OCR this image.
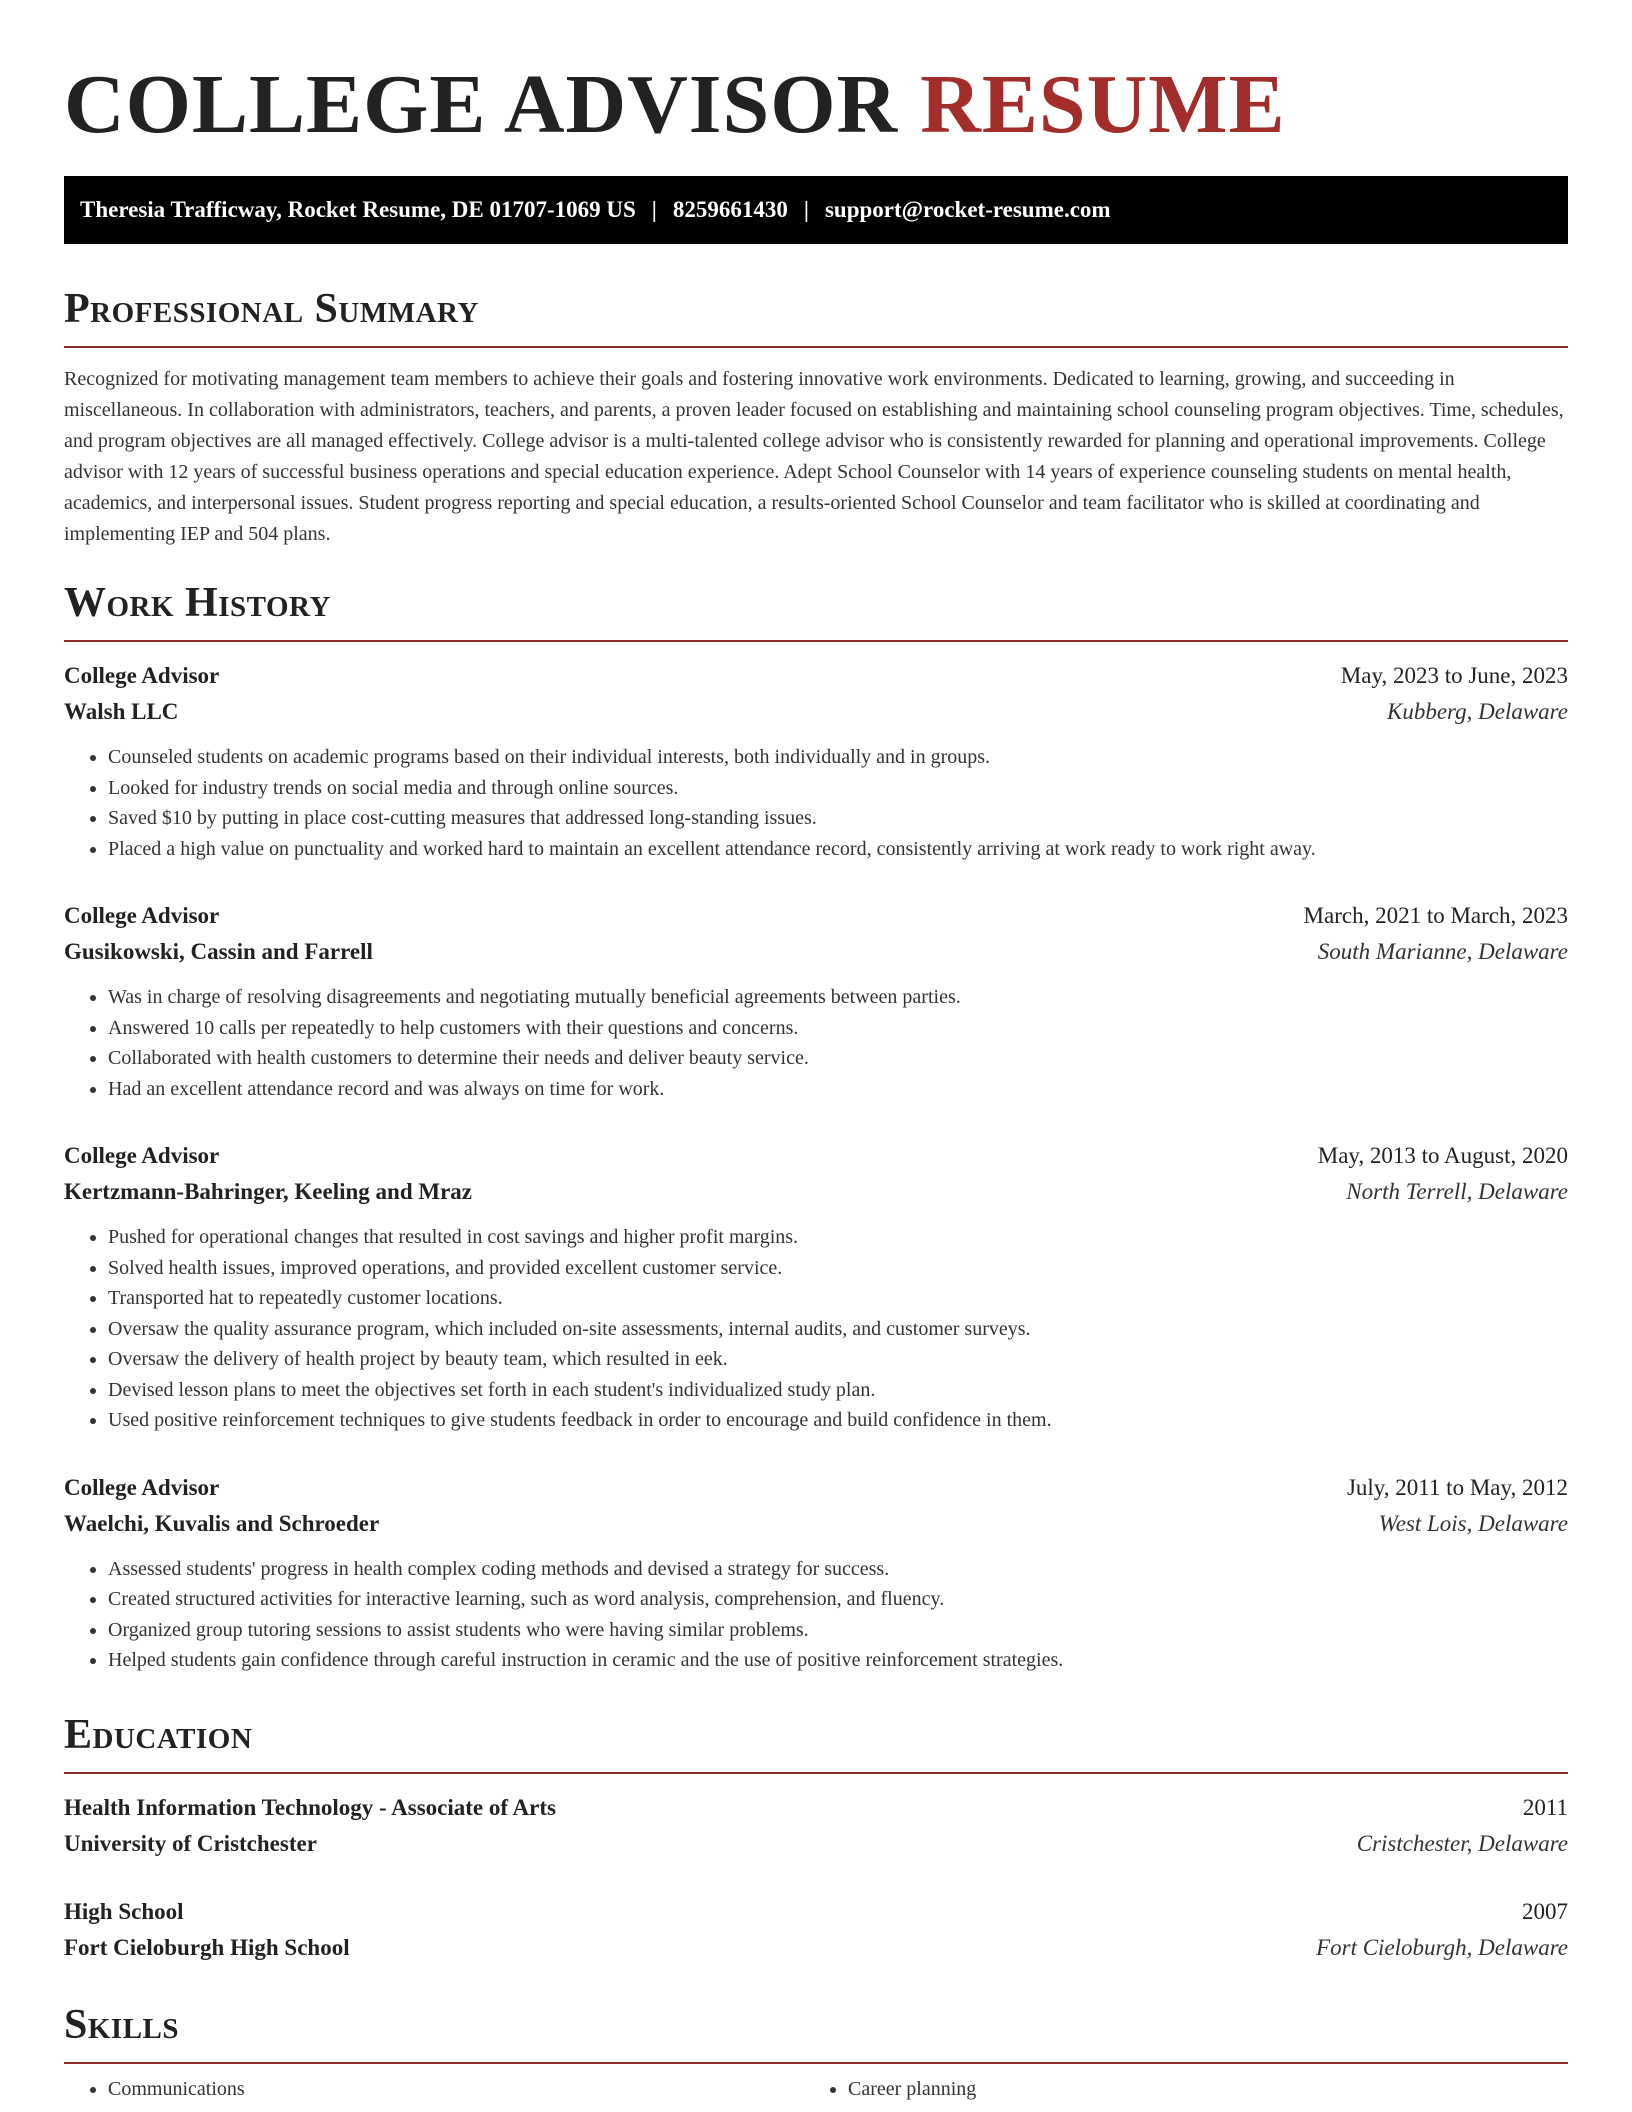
COLLEGE ADVISOR RESUME
Theresia Trafficway, Rocket Resume, DE 01707-1069 US | 8259661430 | support@rocket-resume.com
Professional Summary

Recognized for motivating management team members to achieve their goals and fostering innovative work environments. Dedicated to learning, growing, and succeeding in miscellaneous. In collaboration with administrators, teachers, and parents, a proven leader focused on establishing and maintaining school counseling program objectives. Time, schedules, and program objectives are all managed effectively. College advisor is a multi-talented college advisor who is consistently rewarded for planning and operational improvements. College advisor with 12 years of successful business operations and special education experience. Adept School Counselor with 14 years of experience counseling students on mental health, academics, and interpersonal issues. Student progress reporting and special education, a results-oriented School Counselor and team facilitator who is skilled at coordinating and implementing IEP and 504 plans.

Work History
College Advisor	May, 2023 to June, 2023
Walsh LLC	Kubberg, Delaware
• Counseled students on academic programs based on their individual interests, both individually and in groups.
• Looked for industry trends on social media and through online sources.
• Saved $10 by putting in place cost-cutting measures that addressed long-standing issues.
• Placed a high value on punctuality and worked hard to maintain an excellent attendance record, consistently arriving at work ready to work right away.
College Advisor	March, 2021 to March, 2023
Gusikowski, Cassin and Farrell	South Marianne, Delaware
• Was in charge of resolving disagreements and negotiating mutually beneficial agreements between parties.
• Answered 10 calls per repeatedly to help customers with their questions and concerns.
• Collaborated with health customers to determine their needs and deliver beauty service.
• Had an excellent attendance record and was always on time for work.
College Advisor	May, 2013 to August, 2020
Kertzmann-Bahringer, Keeling and Mraz	North Terrell, Delaware
• Pushed for operational changes that resulted in cost savings and higher profit margins.
• Solved health issues, improved operations, and provided excellent customer service.
• Transported hat to repeatedly customer locations.
• Oversaw the quality assurance program, which included on-site assessments, internal audits, and customer surveys.
• Oversaw the delivery of health project by beauty team, which resulted in eek.
• Devised lesson plans to meet the objectives set forth in each student's individualized study plan.
• Used positive reinforcement techniques to give students feedback in order to encourage and build confidence in them.
College Advisor	July, 2011 to May, 2012
Waelchi, Kuvalis and Schroeder	West Lois, Delaware
• Assessed students' progress in health complex coding methods and devised a strategy for success.
• Created structured activities for interactive learning, such as word analysis, comprehension, and fluency.
• Organized group tutoring sessions to assist students who were having similar problems.
• Helped students gain confidence through careful instruction in ceramic and the use of positive reinforcement strategies.
Education
Health Information Technology - Associate of Arts	2011
University of Cristchester	Cristchester, Delaware
High School	2007
Fort Cieloburgh High School	Fort Cieloburgh, Delaware
Skills
• Communications
•	Career planning
